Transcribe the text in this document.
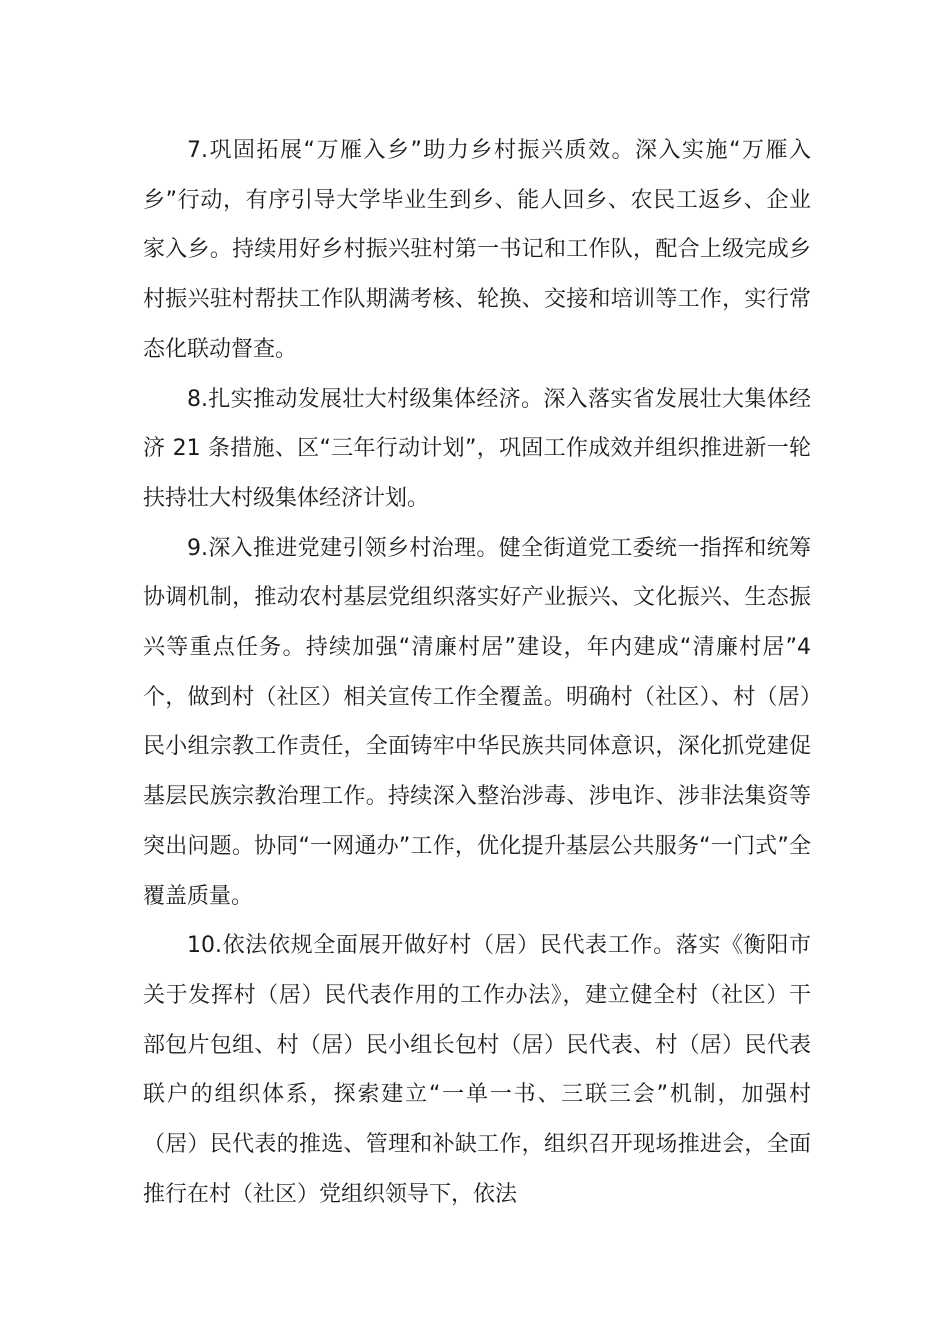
7.巩固拓展“万雁入乡”助力乡村振兴质效。深入实施“万雁入乡”行动，有序引导大学毕业生到乡、能人回乡、农民工返乡、企业家入乡。持续用好乡村振兴驻村第一书记和工作队，配合上级完成乡村振兴驻村帮扶工作队期满考核、轮换、交接和培训等工作，实行常态化联动督查。

8.扎实推动发展壮大村级集体经济。深入落实省发展壮大集体经济 21 条措施、区“三年行动计划”，巩固工作成效并组织推进新一轮扶持壮大村级集体经济计划。

9.深入推进党建引领乡村治理。健全街道党工委统一指挥和统筹协调机制，推动农村基层党组织落实好产业振兴、文化振兴、生态振兴等重点任务。持续加强“清廉村居”建设，年内建成“清廉村居”4 个，做到村（社区）相关宣传工作全覆盖。明确村（社区）、村（居）民小组宗教工作责任，全面铸牢中华民族共同体意识，深化抓党建促基层民族宗教治理工作。持续深入整治涉毒、涉电诈、涉非法集资等突出问题。协同“一网通办”工作，优化提升基层公共服务“一门式”全覆盖质量。

10.依法依规全面展开做好村（居）民代表工作。落实《衡阳市关于发挥村（居）民代表作用的工作办法》，建立健全村（社区）干部包片包组、村（居）民小组长包村（居）民代表、村（居）民代表联户的组织体系，探索建立“一单一书、三联三会”机制，加强村（居）民代表的推选、管理和补缺工作，组织召开现场推进会，全面推行在村（社区）党组织领导下，依法
